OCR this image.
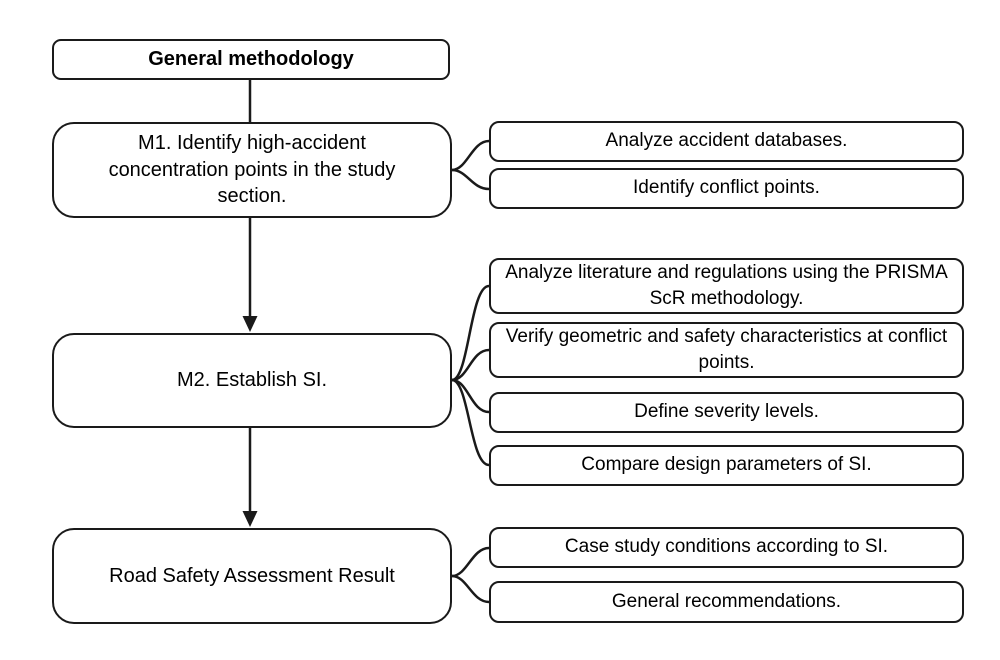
General methodology
M1. Identify high-accident concentration points in the study section.
M2. Establish SI.
Road Safety Assessment Result
Analyze accident databases.
Identify conflict points.
Analyze literature and regulations using the PRISMA ScR methodology.
Verify geometric and safety characteristics at conflict points.
Define severity levels.
Compare design parameters of SI.
Case study conditions according to SI.
General recommendations.
